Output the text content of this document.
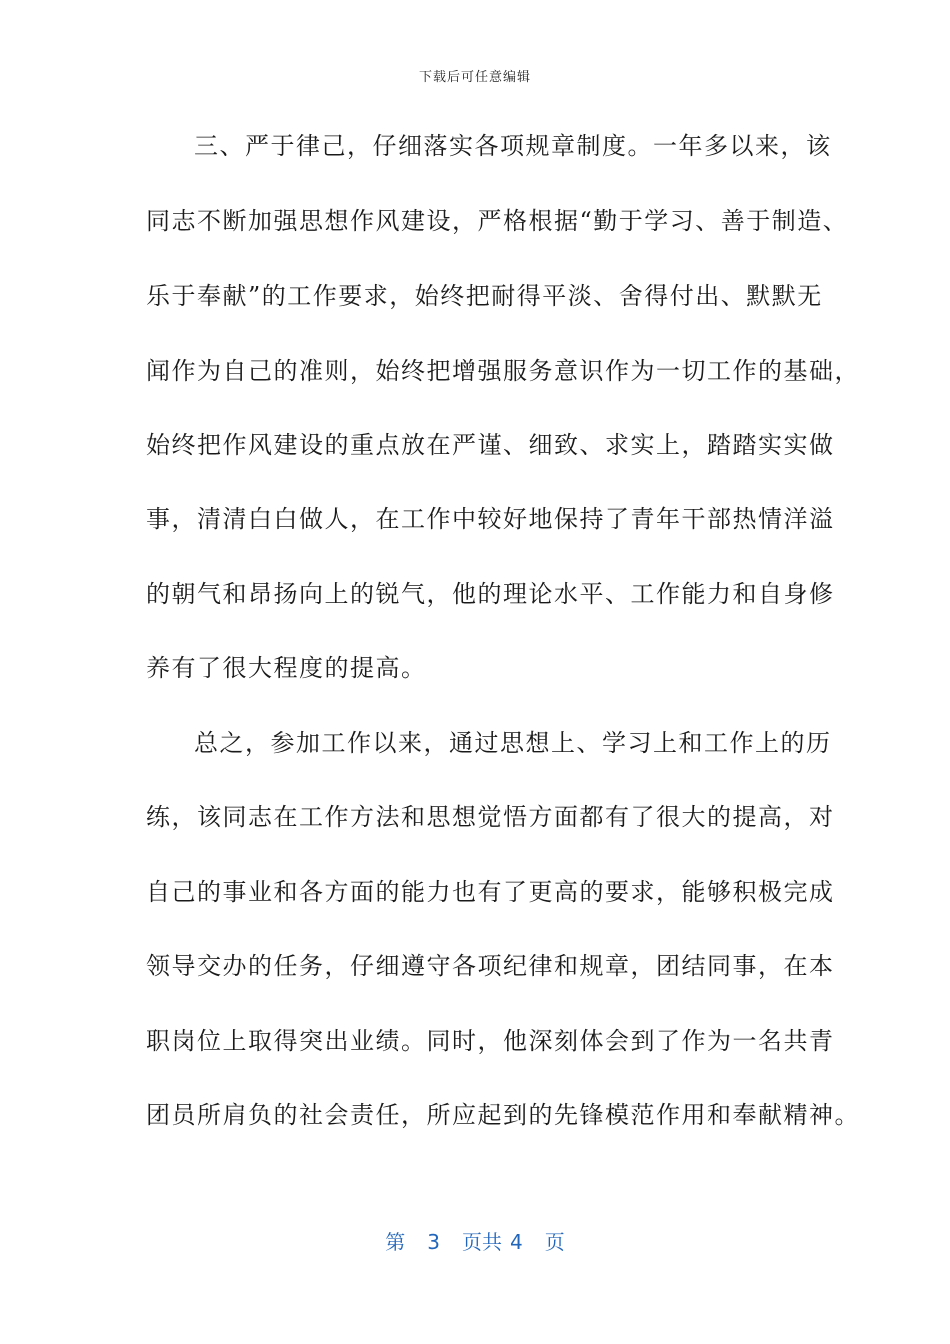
下载后可任意编辑
三、严于律己，仔细落实各项规章制度。一年多以来，该
同志不断加强思想作风建设，严格根据“勤于学习、善于制造、
乐于奉献”的工作要求，始终把耐得平淡、舍得付出、默默无
闻作为自己的准则，始终把增强服务意识作为一切工作的基础，
始终把作风建设的重点放在严谨、细致、求实上，踏踏实实做
事，清清白白做人，在工作中较好地保持了青年干部热情洋溢
的朝气和昂扬向上的锐气，他的理论水平、工作能力和自身修
养有了很大程度的提高。
总之，参加工作以来，通过思想上、学习上和工作上的历
练，该同志在工作方法和思想觉悟方面都有了很大的提高，对
自己的事业和各方面的能力也有了更高的要求，能够积极完成
领导交办的任务，仔细遵守各项纪律和规章，团结同事，在本
职岗位上取得突出业绩。同时，他深刻体会到了作为一名共青
团员所肩负的社会责任，所应起到的先锋模范作用和奉献精神。
第 3 页共 4 页
